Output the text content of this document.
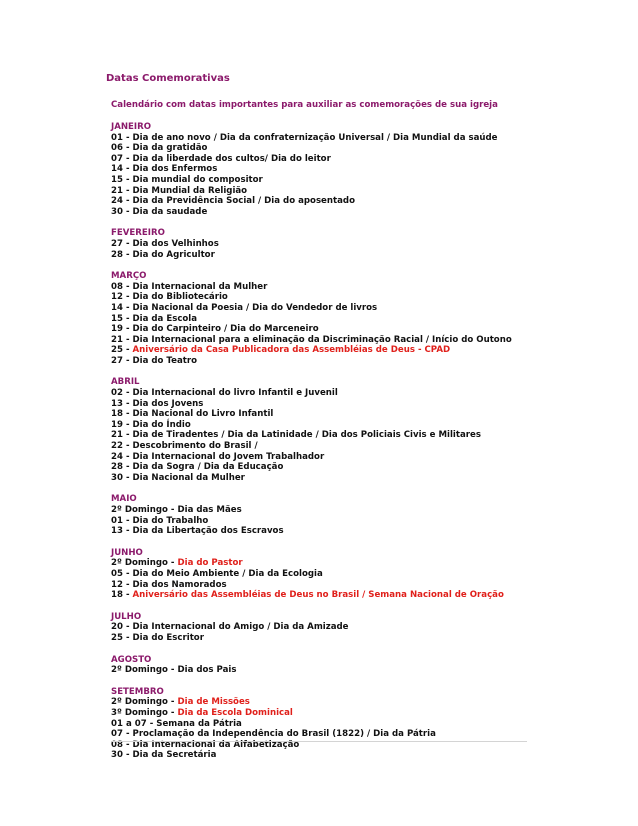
Datas Comemorativas
Calendário com datas importantes para auxiliar as comemorações de sua igreja
JANEIRO
01 - Dia de ano novo / Dia da confraternização Universal / Dia Mundial da saúde
06 - Dia da gratidão
07 - Dia da liberdade dos cultos/ Dia do leitor
14 - Dia dos Enfermos
15 - Dia mundial do compositor
21 - Dia Mundial da Religião
24 - Dia da Previdência Social / Dia do aposentado
30 - Dia da saudade
FEVEREIRO
27 - Dia dos Velhinhos
28 - Dia do Agricultor
MARÇO
08 - Dia Internacional da Mulher
12 - Dia do Bibliotecário
14 - Dia Nacional da Poesia / Dia do Vendedor de livros
15 - Dia da Escola
19 - Dia do Carpinteiro / Dia do Marceneiro
21 - Dia Internacional para a eliminação da Discriminação Racial / Início do Outono
25 - Aniversário da Casa Publicadora das Assembléias de Deus - CPAD
27 - Dia do Teatro
ABRIL
02 - Dia Internacional do livro Infantil e Juvenil
13 - Dia dos Jovens
18 - Dia Nacional do Livro Infantil
19 - Dia do Índio
21 - Dia de Tiradentes / Dia da Latinidade / Dia dos Policiais Civis e Militares
22 - Descobrimento do Brasil /
24 - Dia Internacional do Jovem Trabalhador
28 - Dia da Sogra / Dia da Educação
30 - Dia Nacional da Mulher
MAIO
2º Domingo - Dia das Mães
01 - Dia do Trabalho
13 - Dia da Libertação dos Escravos
JUNHO
2º Domingo - Dia do Pastor
05 - Dia do Meio Ambiente / Dia da Ecologia
12 - Dia dos Namorados
18 - Aniversário das Assembléias de Deus no Brasil / Semana Nacional de Oração
JULHO
20 - Dia Internacional do Amigo / Dia da Amizade
25 - Dia do Escritor
AGOSTO
2º Domingo - Dia dos Pais
SETEMBRO
2º Domingo - Dia de Missões
3º Domingo - Dia da Escola Dominical
01 a 07 - Semana da Pátria
07 - Proclamação da Independência do Brasil (1822) / Dia da Pátria
08 - Dia Internacional da Alfabetização
30 - Dia da Secretária
